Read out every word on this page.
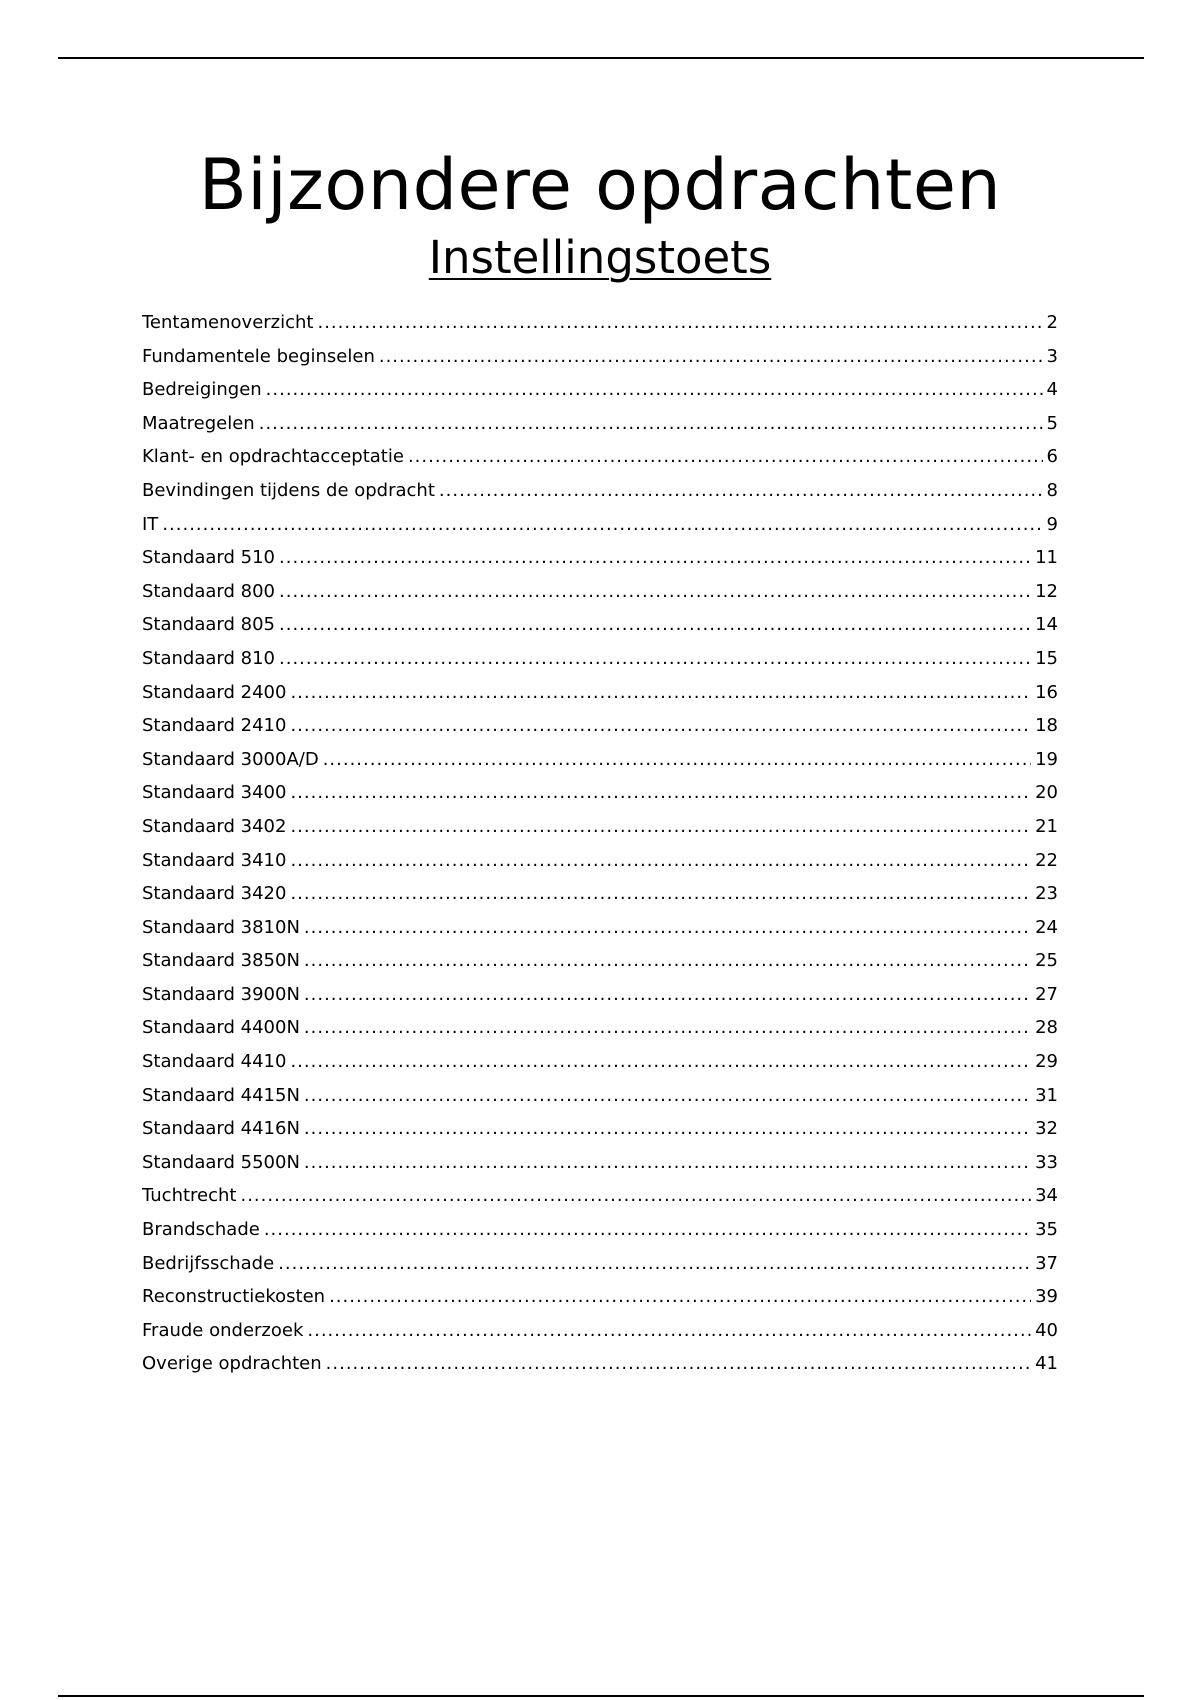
Bijzondere opdrachten
Instellingstoets
Tentamenoverzicht .....	2
Fundamentele beginselen .....	3
Bedreigingen .....	4
Maatregelen .....	5
Klant- en opdrachtacceptatie .....	6
Bevindingen tijdens de opdracht .....	8
IT .....	9
Standaard 510 .....	11
Standaard 800 .....	12
Standaard 805 .....	14
Standaard 810 .....	15
Standaard 2400 .....	16
Standaard 2410 .....	18
Standaard 3000A/D .....	19
Standaard 3400 .....	20
Standaard 3402 .....	21
Standaard 3410 .....	22
Standaard 3420 .....	23
Standaard 3810N .....	24
Standaard 3850N .....	25
Standaard 3900N .....	27
Standaard 4400N .....	28
Standaard 4410 .....	29
Standaard 4415N .....	31
Standaard 4416N .....	32
Standaard 5500N .....	33
Tuchtrecht .....	34
Brandschade .....	35
Bedrijfsschade .....	37
Reconstructiekosten .....	39
Fraude onderzoek .....	40
Overige opdrachten .....	41
